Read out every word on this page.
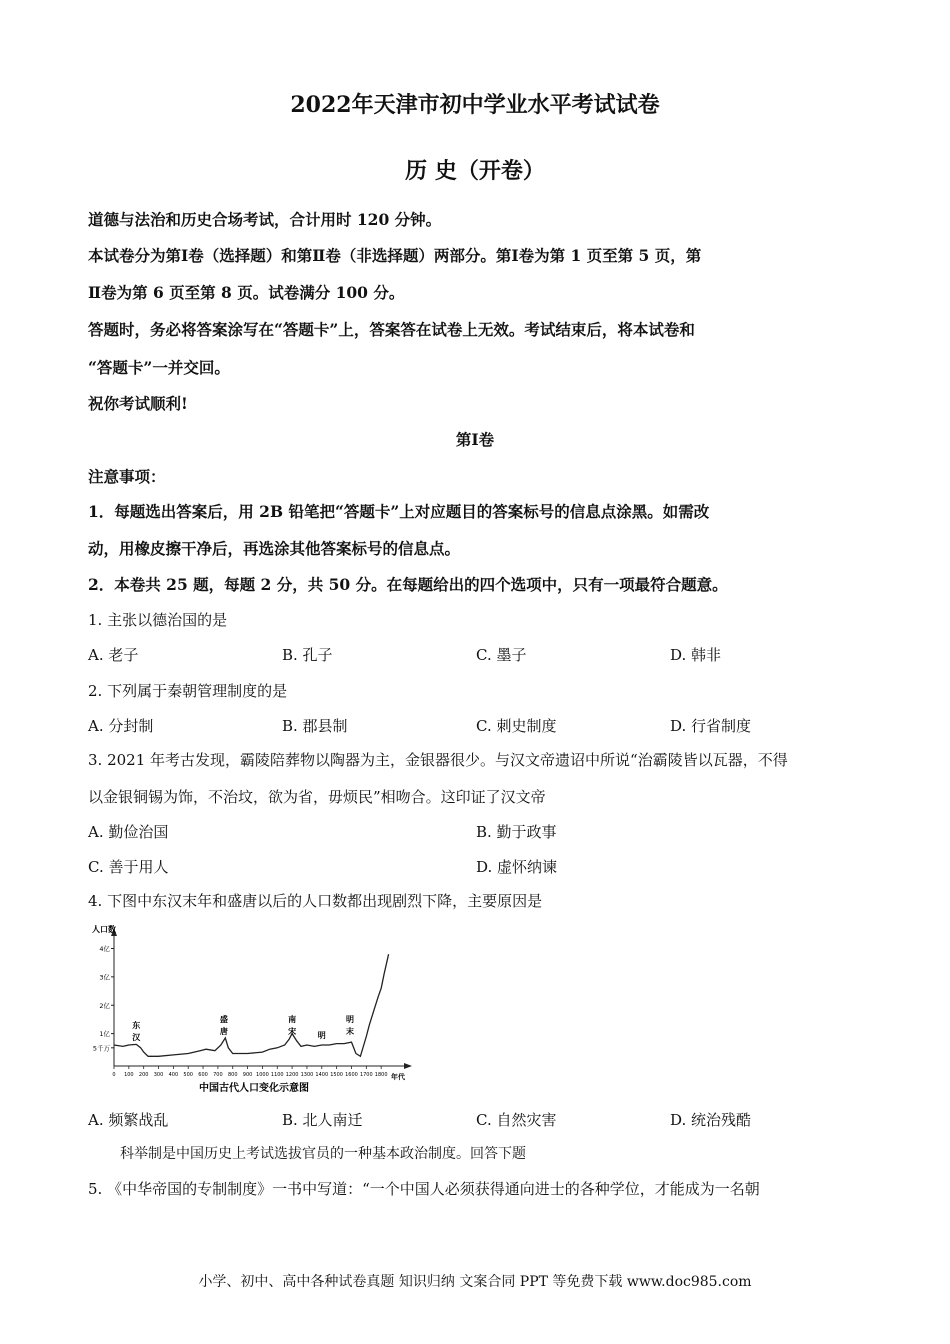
2022年天津市初中学业水平考试试卷
历 史（开卷）
道德与法治和历史合场考试，合计用时 120 分钟。
本试卷分为第Ⅰ卷（选择题）和第Ⅱ卷（非选择题）两部分。第Ⅰ卷为第 1 页至第 5 页，第
Ⅱ卷为第 6 页至第 8 页。试卷满分 100 分。
答题时，务必将答案涂写在“答题卡”上，答案答在试卷上无效。考试结束后，将本试卷和
“答题卡”一并交回。
祝你考试顺利!
第Ⅰ卷
注意事项：
1．每题选出答案后，用 2B 铅笔把“答题卡”上对应题目的答案标号的信息点涂黑。如需改
动，用橡皮擦干净后，再选涂其他答案标号的信息点。
2．本卷共 25 题，每题 2 分，共 50 分。在每题给出的四个选项中，只有一项最符合题意。
1. 主张以德治国的是
A. 老子	B. 孔子	C. 墨子	D. 韩非
2. 下列属于秦朝管理制度的是
A. 分封制	B. 郡县制	C. 刺史制度	D. 行省制度
3. 2021 年考古发现，霸陵陪葬物以陶器为主，金银器很少。与汉文帝遗诏中所说“治霸陵皆以瓦器，不得
以金银铜锡为饰，不治坟，欲为省，毋烦民”相吻合。这印证了汉文帝
A. 勤俭治国	B. 勤于政事
C. 善于用人	D. 虚怀纳谏
4. 下图中东汉末年和盛唐以后的人口数都出现剧烈下降，主要原因是
人口数
年代
5千万
1亿
2亿
3亿
4亿
0 100 200 300 400 500 600 700 800 900 1000 1100 1200 1300 1400 1500 1600 1700 1800
东汉
盛唐
南宋	明
明末
中国古代人口变化示意图
A. 频繁战乱	B. 北人南迁	C. 自然灾害	D. 统治残酷
科举制是中国历史上考试选拔官员的一种基本政治制度。回答下题
5. 《中华帝国的专制制度》一书中写道：“一个中国人必须获得通向进士的各种学位，才能成为一名朝
小学、初中、高中各种试卷真题 知识归纳 文案合同 PPT 等免费下载 www.doc985.com
